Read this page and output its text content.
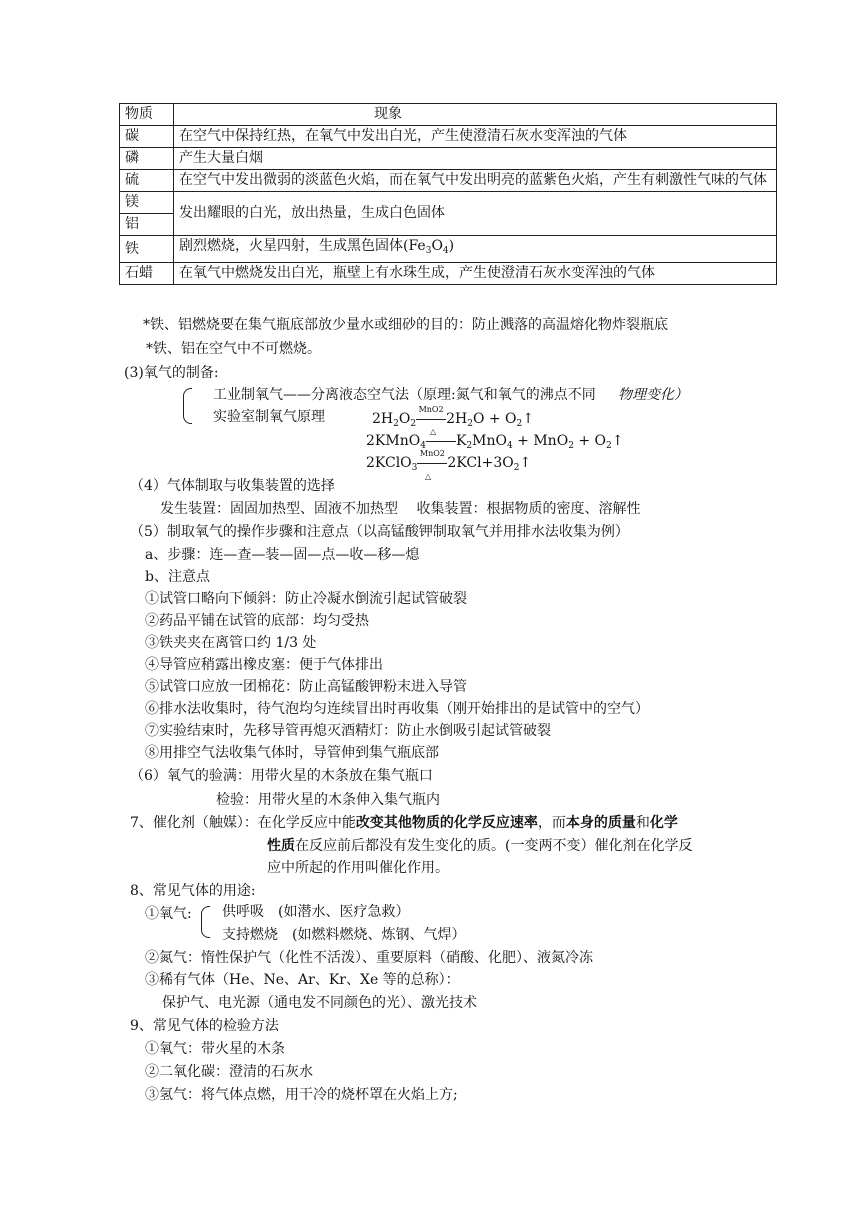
物质	现象
碳	在空气中保持红热，在氧气中发出白光，产生使澄清石灰水变浑浊的气体
磷	产生大量白烟
硫	在空气中发出微弱的淡蓝色火焰，而在氧气中发出明亮的蓝紫色火焰，产生有刺激性气味的气体
镁	发出耀眼的白光，放出热量，生成白色固体
铝	
铁	剧烈燃烧，火星四射，生成黑色固体$(Fe_3O_4)$
石蜡	在氧气中燃烧发出白光，瓶壁上有水珠生成，产生使澄清石灰水变浑浊的气体
*铁、铝燃烧要在集气瓶底部放少量水或细砂的目的：防止溅落的高温熔化物炸裂瓶底
*铁、铝在空气中不可燃烧。
(3)氧气的制备:
工业制氧气——分离液态空气法（原理:氮气和氧气的沸点不同 物理变化）
实验室制氧气原理	$2H_2O_2$
MnO2
$2H_2O$ + $O_2↑$
△
2KMnO$_4$ $K_2MnO_4 + MnO_2$ + $O_2↑$
2KClO$_3$
MnO2
$2KCl+3O_2↑$
△
（4）气体制取与收集装置的选择
发生装置：固固加热型、固液不加热型　 收集装置：根据物质的密度、溶解性
（5）制取氧气的操作步骤和注意点（以高锰酸钾制取氧气并用排水法收集为例）
a、步骤：连—查—装—固—点—收—移—熄
b、注意点
①试管口略向下倾斜：防止冷凝水倒流引起试管破裂
②药品平铺在试管的底部：均匀受热
③铁夹夹在离管口约 1/3 处
④导管应稍露出橡皮塞：便于气体排出
⑤试管口应放一团棉花：防止高锰酸钾粉末进入导管
⑥排水法收集时，待气泡均匀连续冒出时再收集（刚开始排出的是试管中的空气）
⑦实验结束时，先移导管再熄灭酒精灯：防止水倒吸引起试管破裂
⑧用排空气法收集气体时，导管伸到集气瓶底部
（6）氧气的验满：用带火星的木条放在集气瓶口
检验：用带火星的木条伸入集气瓶内
7、催化剂（触媒）：在化学反应中能改变其他物质的化学反应速率，而本身的质量和化学
性质在反应前后都没有发生变化的质。(一变两不变）催化剂在化学反
应中所起的作用叫催化作用。
8、常见气体的用途:
①氧气: 供呼吸　(如潜水、医疗急救）
支持燃烧　(如燃料燃烧、炼钢、气焊）
②氮气：惰性保护气（化性不活泼）、重要原料（硝酸、化肥）、液氮冷冻
③稀有气体（He、Ne、Ar、Kr、Xe 等的总称）：
保护气、电光源（通电发不同颜色的光）、激光技术
9、常见气体的检验方法
①氧气：带火星的木条
②二氧化碳：澄清的石灰水
③氢气：将气体点燃，用干冷的烧杯罩在火焰上方;
